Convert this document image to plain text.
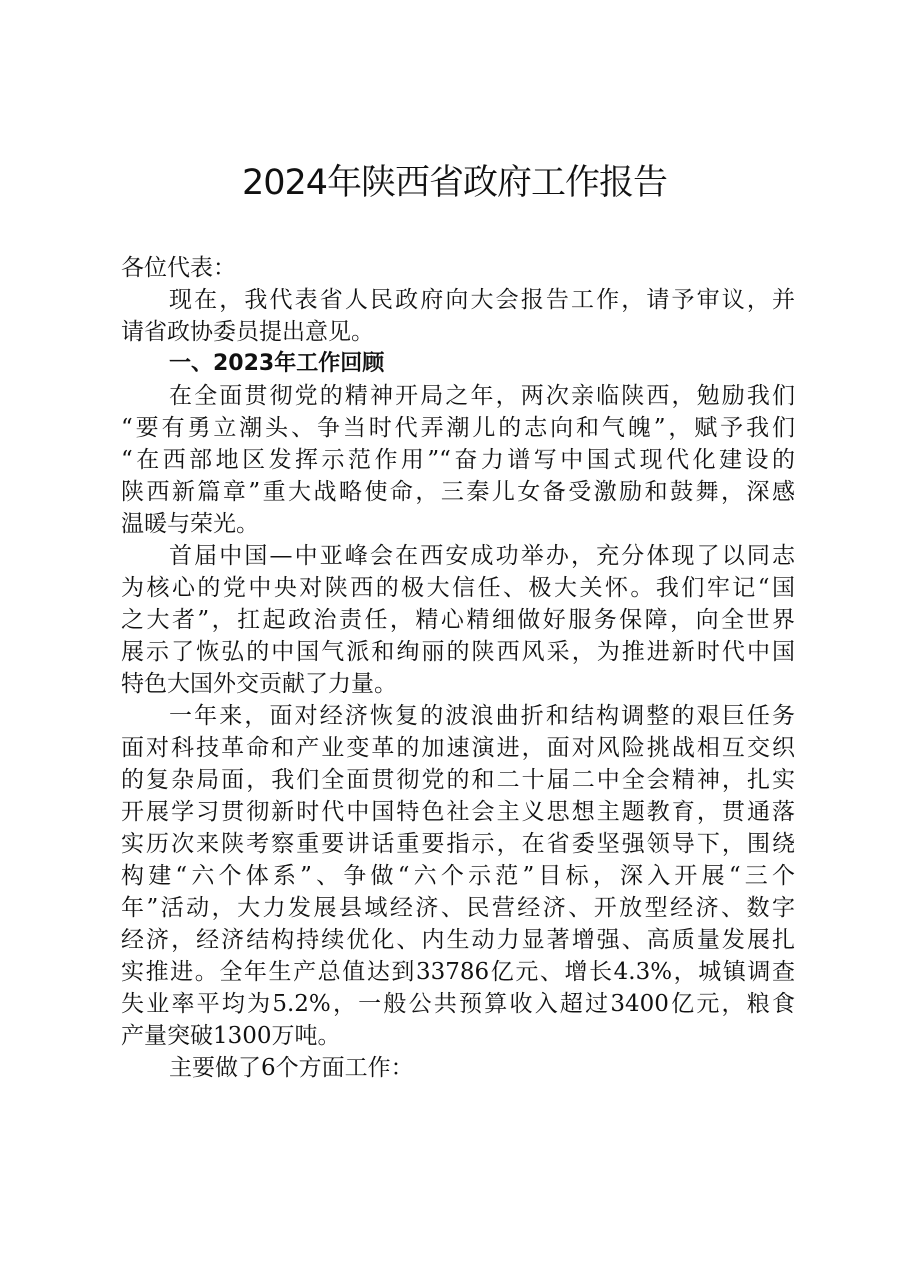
2024年陕西省政府工作报告
各位代表：
现在，我代表省人民政府向大会报告工作，请予审议，并
请省政协委员提出意见。
一、2023年工作回顾
在全面贯彻党的精神开局之年，两次亲临陕西，勉励我们
“要有勇立潮头、争当时代弄潮儿的志向和气魄”，赋予我们
“在西部地区发挥示范作用”“奋力谱写中国式现代化建设的
陕西新篇章”重大战略使命，三秦儿女备受激励和鼓舞，深感
温暖与荣光。
首届中国—中亚峰会在西安成功举办，充分体现了以同志
为核心的党中央对陕西的极大信任、极大关怀。我们牢记“国
之大者”，扛起政治责任，精心精细做好服务保障，向全世界
展示了恢弘的中国气派和绚丽的陕西风采，为推进新时代中国
特色大国外交贡献了力量。
一年来，面对经济恢复的波浪曲折和结构调整的艰巨任务
面对科技革命和产业变革的加速演进，面对风险挑战相互交织
的复杂局面，我们全面贯彻党的和二十届二中全会精神，扎实
开展学习贯彻新时代中国特色社会主义思想主题教育，贯通落
实历次来陕考察重要讲话重要指示，在省委坚强领导下，围绕
构建“六个体系”、争做“六个示范”目标，深入开展“三个
年”活动，大力发展县域经济、民营经济、开放型经济、数字
经济，经济结构持续优化、内生动力显著增强、高质量发展扎
实推进。全年生产总值达到33786亿元、增长4.3%，城镇调查
失业率平均为5.2%，一般公共预算收入超过3400亿元，粮食
产量突破1300万吨。
主要做了6个方面工作：
